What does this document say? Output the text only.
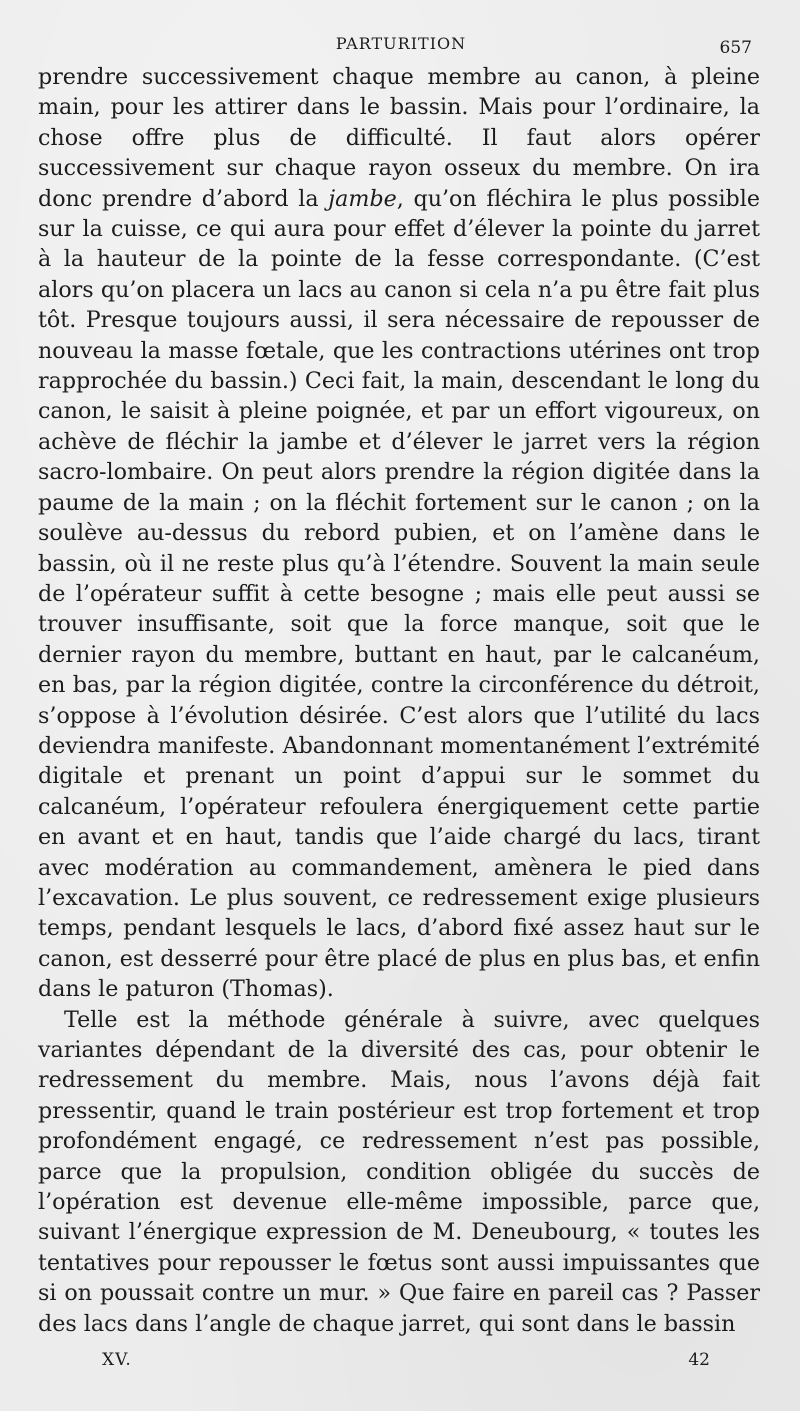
PARTURITION	657

prendre successivement chaque membre au canon, à pleine main, pour les attirer dans le bassin. Mais pour l’ordinaire, la chose offre plus de difficulté. Il faut alors opérer successivement sur chaque rayon osseux du membre. On ira donc prendre d’abord la jambe, qu’on fléchira le plus possible sur la cuisse, ce qui aura pour effet d’élever la pointe du jarret à la hauteur de la pointe de la fesse correspondante. (C’est alors qu’on placera un lacs au canon si cela n’a pu être fait plus tôt. Presque toujours aussi, il sera nécessaire de repousser de nouveau la masse fœtale, que les contractions utérines ont trop rapprochée du bassin.) Ceci fait, la main, descendant le long du canon, le saisit à pleine poignée, et par un effort vigoureux, on achève de fléchir la jambe et d’élever le jarret vers la région sacro-lombaire. On peut alors prendre la région digitée dans la paume de la main ; on la fléchit fortement sur le canon ; on la soulève au-dessus du rebord pubien, et on l’amène dans le bassin, où il ne reste plus qu’à l’étendre. Souvent la main seule de l’opérateur suffit à cette besogne ; mais elle peut aussi se trouver insuffisante, soit que la force manque, soit que le dernier rayon du membre, buttant en haut, par le calcanéum, en bas, par la région digitée, contre la circonférence du détroit, s’oppose à l’évolution désirée. C’est alors que l’utilité du lacs deviendra manifeste. Abandonnant momentanément l’extrémité digitale et prenant un point d’appui sur le sommet du calcanéum, l’opérateur refoulera énergiquement cette partie en avant et en haut, tandis que l’aide chargé du lacs, tirant avec modération au commandement, amènera le pied dans l’excavation. Le plus souvent, ce redressement exige plusieurs temps, pendant lesquels le lacs, d’abord fixé assez haut sur le canon, est desserré pour être placé de plus en plus bas, et enfin dans le paturon (Thomas).

Telle est la méthode générale à suivre, avec quelques variantes dépendant de la diversité des cas, pour obtenir le redressement du membre. Mais, nous l’avons déjà fait pressentir, quand le train postérieur est trop fortement et trop profondément engagé, ce redressement n’est pas possible, parce que la propulsion, condition obligée du succès de l’opération est devenue elle-même impossible, parce que, suivant l’énergique expression de M. Deneubourg, « toutes les tentatives pour repousser le fœtus sont aussi impuissantes que si on poussait contre un mur. » Que faire en pareil cas ? Passer des lacs dans l’angle de chaque jarret, qui sont dans le bassin

XV.	42
